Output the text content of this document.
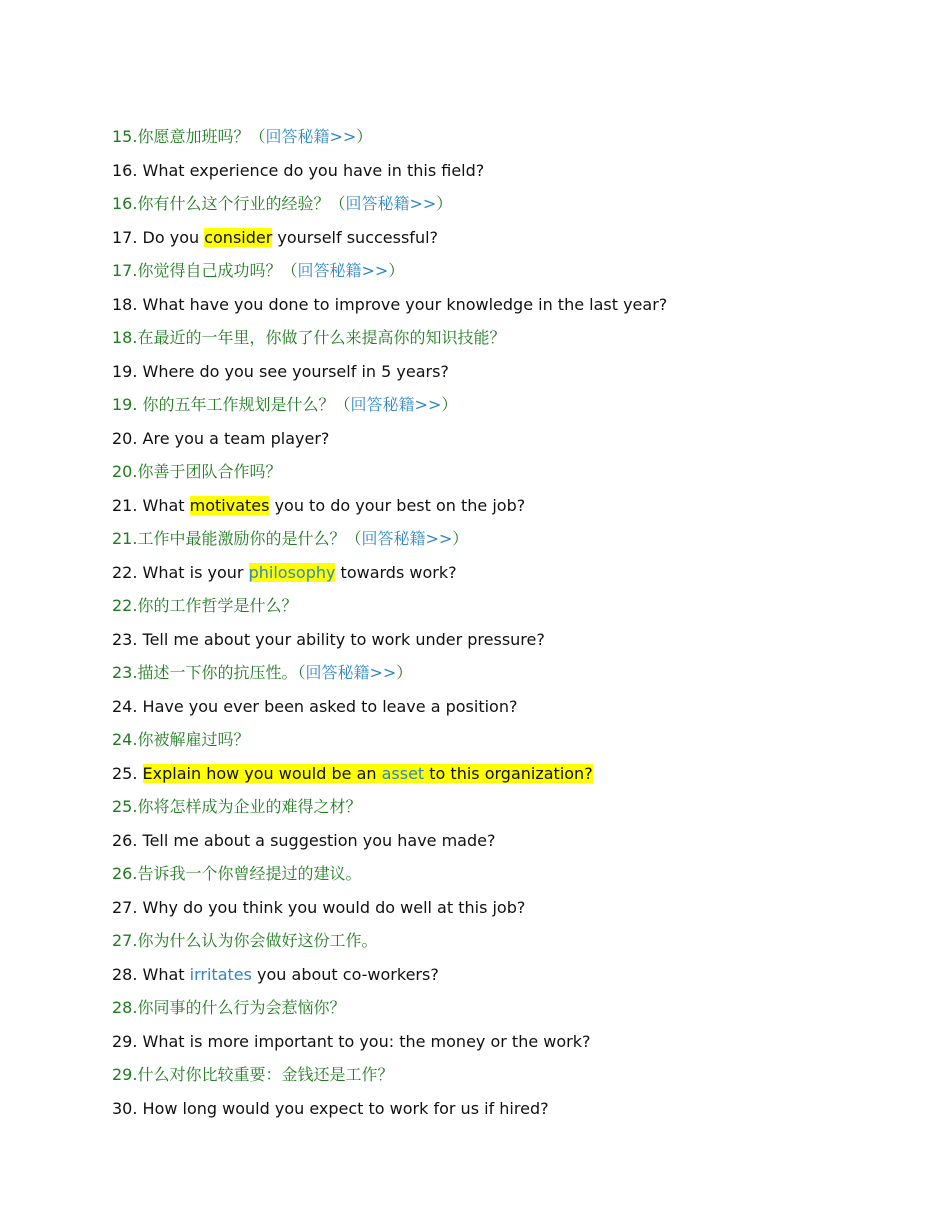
15.你愿意加班吗？（回答秘籍>>）
16. What experience do you have in this field?
16.你有什么这个行业的经验？（回答秘籍>>）
17. Do you consider yourself successful?
17.你觉得自己成功吗？（回答秘籍>>）
18. What have you done to improve your knowledge in the last year?
18.在最近的一年里，你做了什么来提高你的知识技能？
19. Where do you see yourself in 5 years?
19. 你的五年工作规划是什么？（回答秘籍>>）
20. Are you a team player?
20.你善于团队合作吗？
21. What motivates you to do your best on the job?
21.工作中最能激励你的是什么？（回答秘籍>>）
22. What is your philosophy towards work?
22.你的工作哲学是什么？
23. Tell me about your ability to work under pressure?
23.描述一下你的抗压性。（回答秘籍>>）
24. Have you ever been asked to leave a position?
24.你被解雇过吗？
25. Explain how you would be an asset to this organization?
25.你将怎样成为企业的难得之材？
26. Tell me about a suggestion you have made?
26.告诉我一个你曾经提过的建议。
27. Why do you think you would do well at this job?
27.你为什么认为你会做好这份工作。
28. What irritates you about co-workers?
28.你同事的什么行为会惹恼你？
29. What is more important to you: the money or the work?
29.什么对你比较重要：金钱还是工作？
30. How long would you expect to work for us if hired?
